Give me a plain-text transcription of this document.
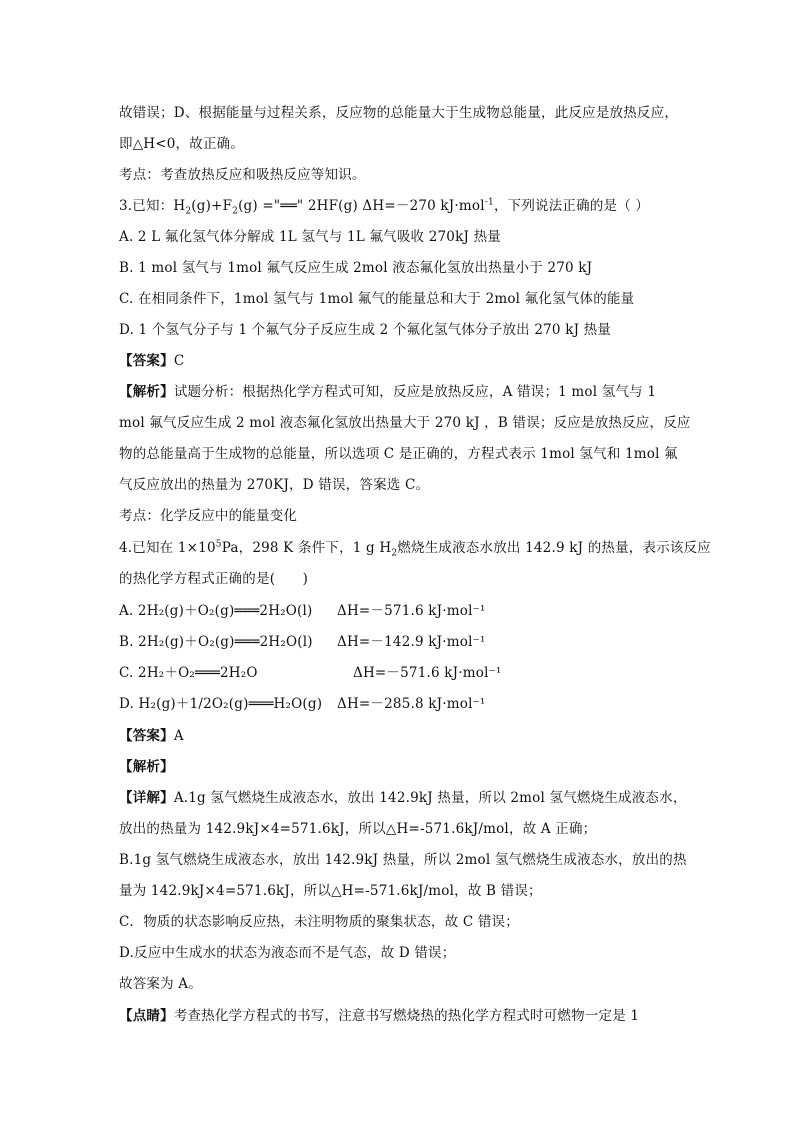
故错误；D、根据能量与过程关系，反应物的总能量大于生成物总能量，此反应是放热反应，
即△H<0，故正确。
考点：考查放热反应和吸热反应等知识。
3.已知：$H_2(g)+F_2(g)$ ="══" 2HF(g) ΔH=－270 kJ·mol$^{-1}$，下列说法正确的是（ ）
A. 2 L 氟化氢气体分解成 1L 氢气与 1L 氟气吸收 270kJ 热量
B. 1 mol 氢气与 1mol 氟气反应生成 2mol 液态氟化氢放出热量小于 270 kJ
C. 在相同条件下，1mol 氢气与 1mol 氟气的能量总和大于 2mol 氟化氢气体的能量
D. 1 个氢气分子与 1 个氟气分子反应生成 2 个氟化氢气体分子放出 270 kJ 热量
【答案】C
【解析】试题分析：根据热化学方程式可知，反应是放热反应，A 错误；1 mol 氢气与 1
mol 氟气反应生成 2 mol 液态氟化氢放出热量大于 270 kJ ，B 错误；反应是放热反应，反应
物的总能量高于生成物的总能量，所以选项 C 是正确的，方程式表示 1mol 氢气和 1mol 氟
气反应放出的热量为 270KJ，D 错误，答案选 C。
考点：化学反应中的能量变化
4.已知在 $1\times 10^5Pa$，298 K 条件下，1 g $H_2$燃烧生成液态水放出 142.9 kJ 的热量，表示该反应
的热化学方程式正确的是(　　)
A. 2H₂(g)＋O₂(g)═══2H₂O(l) ΔH=－571.6 kJ·mol⁻¹
B. 2H₂(g)＋O₂(g)═══2H₂O(l) ΔH=－142.9 kJ·mol⁻¹
C. 2H₂＋O₂═══2H₂O	ΔH=－571.6 kJ·mol⁻¹
D. H₂(g)＋1/2O₂(g)═══H₂O(g) ΔH=－285.8 kJ·mol⁻¹
【答案】A
【解析】
【详解】A.1g 氢气燃烧生成液态水，放出 142.9kJ 热量，所以 2mol 氢气燃烧生成液态水，
放出的热量为 142.9kJ×4=571.6kJ，所以△H=-571.6kJ/mol，故 A 正确；
B.1g 氢气燃烧生成液态水，放出 142.9kJ 热量，所以 2mol 氢气燃烧生成液态水，放出的热
量为 142.9kJ×4=571.6kJ，所以△H=-571.6kJ/mol，故 B 错误；
C．物质的状态影响反应热，未注明物质的聚集状态，故 C 错误；
D.反应中生成水的状态为液态而不是气态，故 D 错误；
故答案为 A。
【点睛】考查热化学方程式的书写，注意书写燃烧热的热化学方程式时可燃物一定是 1
